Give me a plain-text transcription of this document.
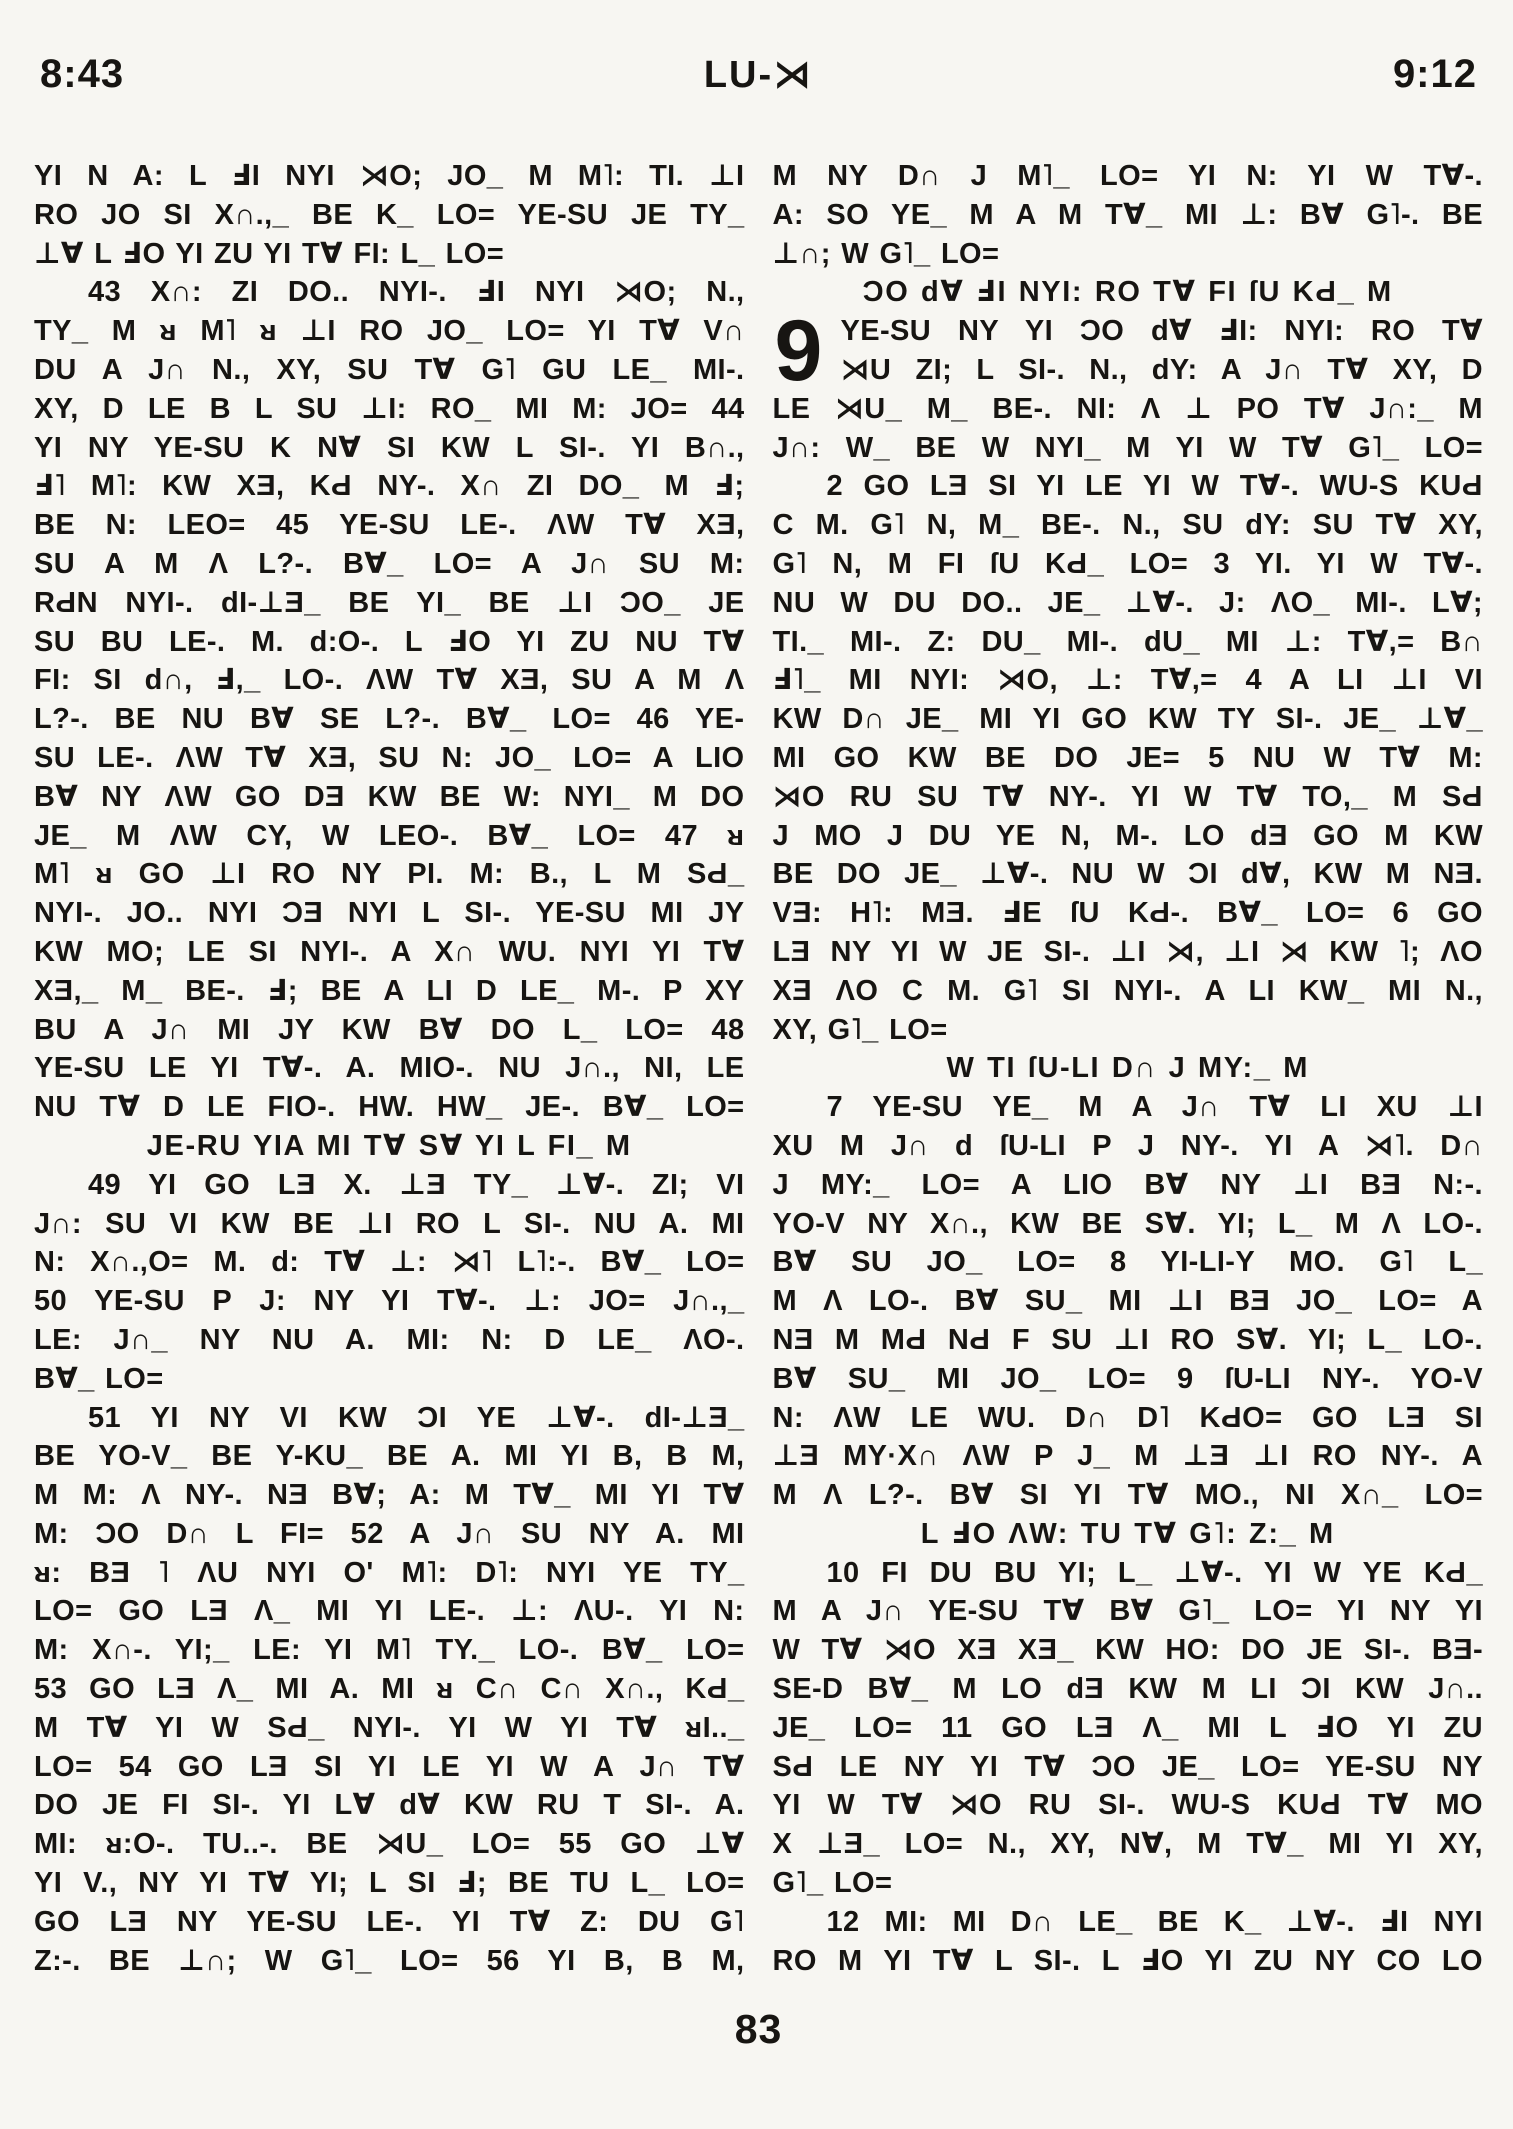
8:43	LU-⋊	9:12
YI N A: L ℲI NYI ⋊O; JO_ M M˥: TI. ⊥I
RO JO SI X∩.,_ BE K_ LO= YE-SU JE TY_
⊥∀ L ℲO YI ZU YI T∀ FI: L_ LO=
43 X∩: ZI DO.. NYI-. ℲI NYI ⋊O; N.,
TY_ M ᴚ M˥ ᴚ ⊥I RO JO_ LO= YI T∀ V∩
DU A J∩ N., XY, SU T∀ G˥ GU LE_ MI-.
XY, D LE B L SU ⊥I: RO_ MI M: JO= 44
YI NY YE-SU K N∀ SI KW L SI-. YI B∩.,
Ⅎ˥ M˥: KW XƎ, KԀ NY-. X∩ ZI DO_ M Ⅎ;
BE N: LEO= 45 YE-SU LE-. ΛW T∀ XƎ,
SU A M Λ L?-. B∀_ LO= A J∩ SU M:
RԀN NYI-. dI-⊥Ǝ_ BE YI_ BE ⊥I ƆO_ JE
SU BU LE-. M. d:O-. L ℲO YI ZU NU T∀
FI: SI d∩, Ⅎ,_ LO-. ΛW T∀ XƎ, SU A M Λ
L?-. BE NU B∀ SE L?-. B∀_ LO= 46 YE-
SU LE-. ΛW T∀ XƎ, SU N: JO_ LO= A LIO
B∀ NY ΛW GO DƎ KW BE W: NYI_ M DO
JE_ M ΛW CY, W LEO-. B∀_ LO= 47 ᴚ
M˥ ᴚ GO ⊥I RO NY PI. M: B., L M SԀ_
NYI-. JO.. NYI ƆƎ NYI L SI-. YE-SU MI JY
KW MO; LE SI NYI-. A X∩ WU. NYI YI T∀
XƎ,_ M_ BE-. Ⅎ; BE A LI D LE_ M-. P XY
BU A J∩ MI JY KW B∀ DO L_ LO= 48
YE-SU LE YI T∀-. A. MIO-. NU J∩., NI, LE
NU T∀ D LE FIO-. HW. HW_ JE-. B∀_ LO=
JE-RU YIA MI T∀ S∀ YI L FI_ M
49 YI GO LƎ X. ⊥Ǝ TY_ ⊥∀-. ZI; VI
J∩: SU VI KW BE ⊥I RO L SI-. NU A. MI
N: X∩.,O= M. d: T∀ ⊥: ⋊˥ L˥:-. B∀_ LO=
50 YE-SU P J: NY YI T∀-. ⊥: JO= J∩.,_
LE: J∩_ NY NU A. MI: N: D LE_ ΛO-.
B∀_ LO=
51 YI NY VI KW ƆI YE ⊥∀-. dI-⊥Ǝ_
BE YO-V_ BE Y-KU_ BE A. MI YI B, B M,
M M: Λ NY-. NƎ B∀; A: M T∀_ MI YI T∀
M: ƆO D∩ L FI= 52 A J∩ SU NY A. MI
ᴚ: BƎ ˥ ΛU NYI O' M˥: D˥: NYI YE TY_
LO= GO LƎ Λ_ MI YI LE-. ⊥: ΛU-. YI N:
M: X∩-. YI;_ LE: YI M˥ TY._ LO-. B∀_ LO=
53 GO LƎ Λ_ MI A. MI ᴚ C∩ C∩ X∩., KԀ_
M T∀ YI W SԀ_ NYI-. YI W YI T∀ ᴚI.._
LO= 54 GO LƎ SI YI LE YI W A J∩ T∀
DO JE FI SI-. YI L∀ d∀ KW RU T SI-. A.
MI: ᴚ:O-. TU..-. BE ⋊U_ LO= 55 GO ⊥∀
YI V., NY YI T∀ YI; L SI Ⅎ; BE TU L_ LO=
GO LƎ NY YE-SU LE-. YI T∀ Z: DU G˥
Z:-. BE ⊥∩; W G˥_ LO= 56 YI B, B M,
M NY D∩ J M˥_ LO= YI N: YI W T∀-.
A: SO YE_ M A M T∀_ MI ⊥: B∀ G˥-. BE
⊥∩; W G˥_ LO=
ƆO d∀ ℲI NYI: RO T∀ FI ſU KԀ_ M
9 YE-SU NY YI ƆO d∀ ℲI: NYI: RO T∀
⋊U ZI; L SI-. N., dY: A J∩ T∀ XY, D
LE ⋊U_ M_ BE-. NI: Λ ⊥ PO T∀ J∩:_ M
J∩: W_ BE W NYI_ M YI W T∀ G˥_ LO=
2 GO LƎ SI YI LE YI W T∀-. WU-S KUԀ
C M. G˥ N, M_ BE-. N., SU dY: SU T∀ XY,
G˥ N, M FI ſU KԀ_ LO= 3 YI. YI W T∀-.
NU W DU DO.. JE_ ⊥∀-. J: ΛO_ MI-. L∀;
TI._ MI-. Z: DU_ MI-. dU_ MI ⊥: T∀,= B∩
Ⅎ˥_ MI NYI: ⋊O, ⊥: T∀,= 4 A LI ⊥I VI
KW D∩ JE_ MI YI GO KW TY SI-. JE_ ⊥∀_
MI GO KW BE DO JE= 5 NU W T∀ M:
⋊O RU SU T∀ NY-. YI W T∀ TO,_ M SԀ
J MO J DU YE N, M-. LO dƎ GO M KW
BE DO JE_ ⊥∀-. NU W ƆI d∀, KW M NƎ.
VƎ: H˥: MƎ. ℲE ſU KԀ-. B∀_ LO= 6 GO
LƎ NY YI W JE SI-. ⊥I ⋊, ⊥I ⋊ KW ˥; ΛO
XƎ ΛO C M. G˥ SI NYI-. A LI KW_ MI N.,
XY, G˥_ LO=
W TI ſU-LI D∩ J MY:_ M
7 YE-SU YE_ M A J∩ T∀ LI XU ⊥I
XU M J∩ d ſU-LI P J NY-. YI A ⋊˥. D∩
J MY:_ LO= A LIO B∀ NY ⊥I BƎ N:-.
YO-V NY X∩., KW BE S∀. YI; L_ M Λ LO-.
B∀ SU JO_ LO= 8 YI-LI-Y MO. G˥ L_
M Λ LO-. B∀ SU_ MI ⊥I BƎ JO_ LO= A
NƎ M MԀ NԀ F SU ⊥I RO S∀. YI; L_ LO-.
B∀ SU_ MI JO_ LO= 9 ſU-LI NY-. YO-V
N: ΛW LE WU. D∩ D˥ KԀO= GO LƎ SI
⊥Ǝ MY·X∩ ΛW P J_ M ⊥Ǝ ⊥I RO NY-. A
M Λ L?-. B∀ SI YI T∀ MO., NI X∩_ LO=
L ℲO ΛW: TU T∀ G˥: Z:_ M
10 FI DU BU YI; L_ ⊥∀-. YI W YE KԀ_
M A J∩ YE-SU T∀ B∀ G˥_ LO= YI NY YI
W T∀ ⋊O XƎ XƎ_ KW HO: DO JE SI-. BƎ-
SE-D B∀_ M LO dƎ KW M LI ƆI KW J∩..
JE_ LO= 11 GO LƎ Λ_ MI L ℲO YI ZU
SԀ LE NY YI T∀ ƆO JE_ LO= YE-SU NY
YI W T∀ ⋊O RU SI-. WU-S KUԀ T∀ MO
X ⊥Ǝ_ LO= N., XY, N∀, M T∀_ MI YI XY,
G˥_ LO=
12 MI: MI D∩ LE_ BE K_ ⊥∀-. ℲI NYI
RO M YI T∀ L SI-. L ℲO YI ZU NY CO LO
83
